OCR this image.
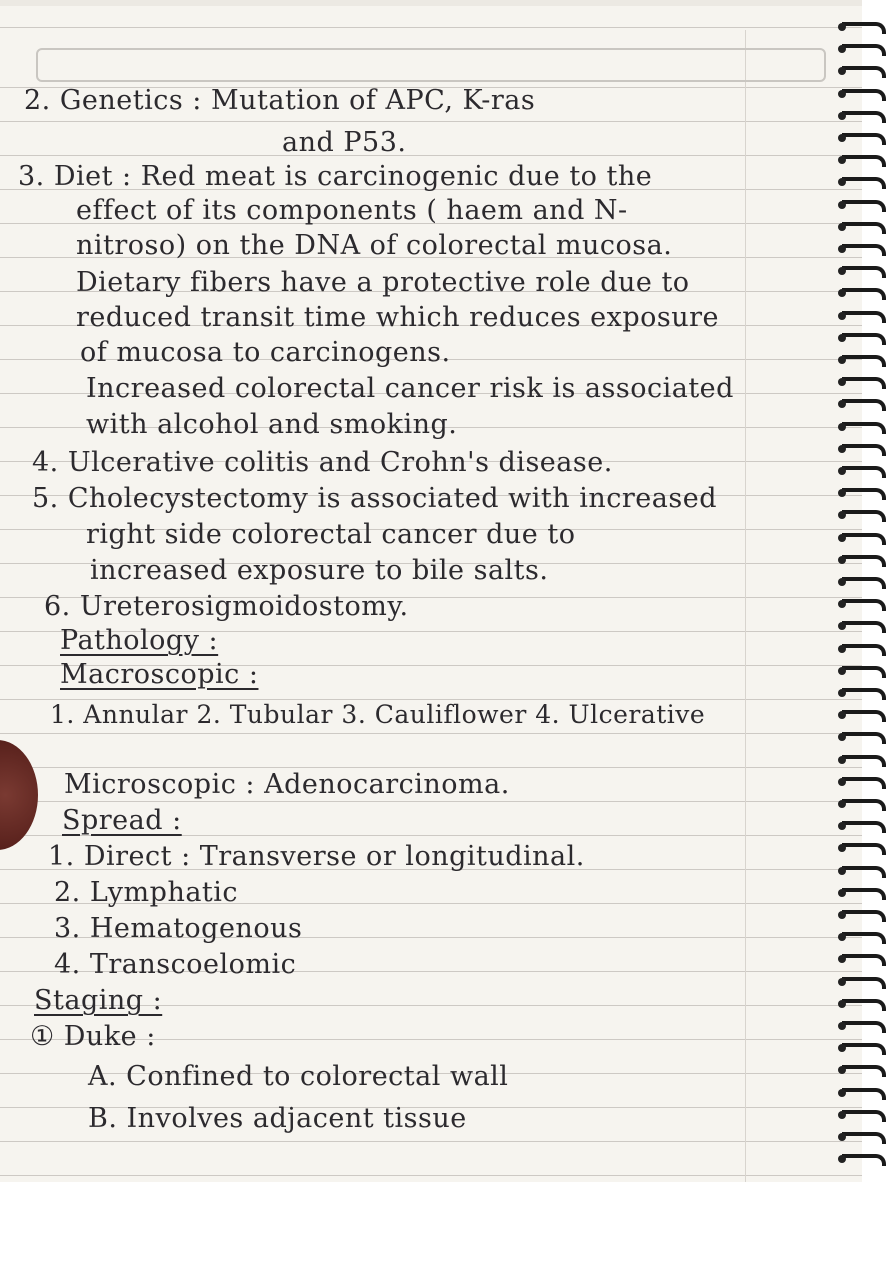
2. Genetics : Mutation of APC, K-ras
and P53.
3. Diet : Red meat is carcinogenic due to the
effect of its components ( haem and N-
nitroso) on the DNA of colorectal mucosa.
Dietary fibers have a protective role due to
reduced transit time which reduces exposure
of mucosa to carcinogens.
Increased colorectal cancer risk is associated
with alcohol and smoking.
4. Ulcerative colitis and Crohn's disease.
5. Cholecystectomy is associated with increased
right side colorectal cancer due to
increased exposure to bile salts.
6. Ureterosigmoidostomy.
Pathology :
Macroscopic :
1. Annular 2. Tubular 3. Cauliflower 4. Ulcerative
Microscopic : Adenocarcinoma.
Spread :
1. Direct : Transverse or longitudinal.
2. Lymphatic
3. Hematogenous
4. Transcoelomic
Staging :
① Duke :
A. Confined to colorectal wall
B. Involves adjacent tissue
